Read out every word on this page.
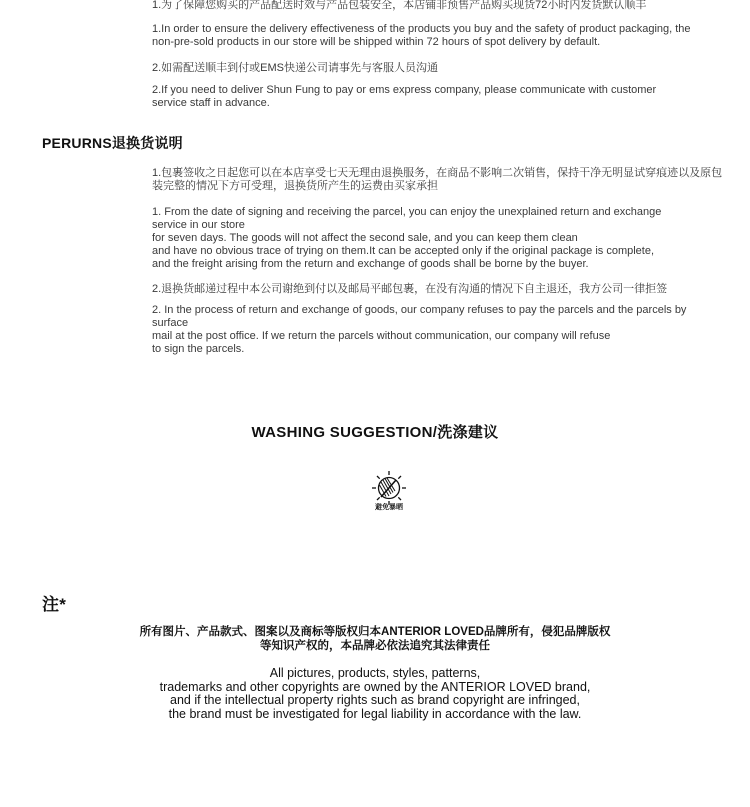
1.为了保障您购买的产品配送时效与产品包装安全，本店铺非预售产品购买现货72小时内发货默认顺丰
1.In order to ensure the delivery effectiveness of the products you buy and the safety of product packaging, the
non-pre-sold products in our store will be shipped within 72 hours of spot delivery by default.
2.如需配送顺丰到付或EMS快递公司请事先与客服人员沟通
2.If you need to deliver Shun Fung to pay or ems express company, please communicate with customer
service staff in advance.
PERURNS退换货说明
1.包裹签收之日起您可以在本店享受七天无理由退换服务，在商品不影响二次销售，保持干净无明显试穿痕迹以及原包
装完整的情况下方可受理，退换货所产生的运费由买家承担
1. From the date of signing and receiving the parcel, you can enjoy the unexplained return and exchange
service in our store
for seven days. The goods will not affect the second sale, and you can keep them clean
and have no obvious trace of trying on them.It can be accepted only if the original package is complete,
and the freight arising from the return and exchange of goods shall be borne by the buyer.
2.退换货邮递过程中本公司谢绝到付以及邮局平邮包裹，在没有沟通的情况下自主退还，我方公司一律拒签
2. In the process of return and exchange of goods, our company refuses to pay the parcels and the parcels by
surface
mail at the post office. If we return the parcels without communication, our company will refuse
to sign the parcels.
WASHING SUGGESTION/洗涤建议
避免暴晒
注*
所有图片、产品款式、图案以及商标等版权归本ANTERIOR LOVED品牌所有，侵犯品牌版权
等知识产权的，本品牌必依法追究其法律责任
All pictures, products, styles, patterns,
trademarks and other copyrights are owned by the ANTERIOR LOVED brand,
and if the intellectual property rights such as brand copyright are infringed,
the brand must be investigated for legal liability in accordance with the law.
